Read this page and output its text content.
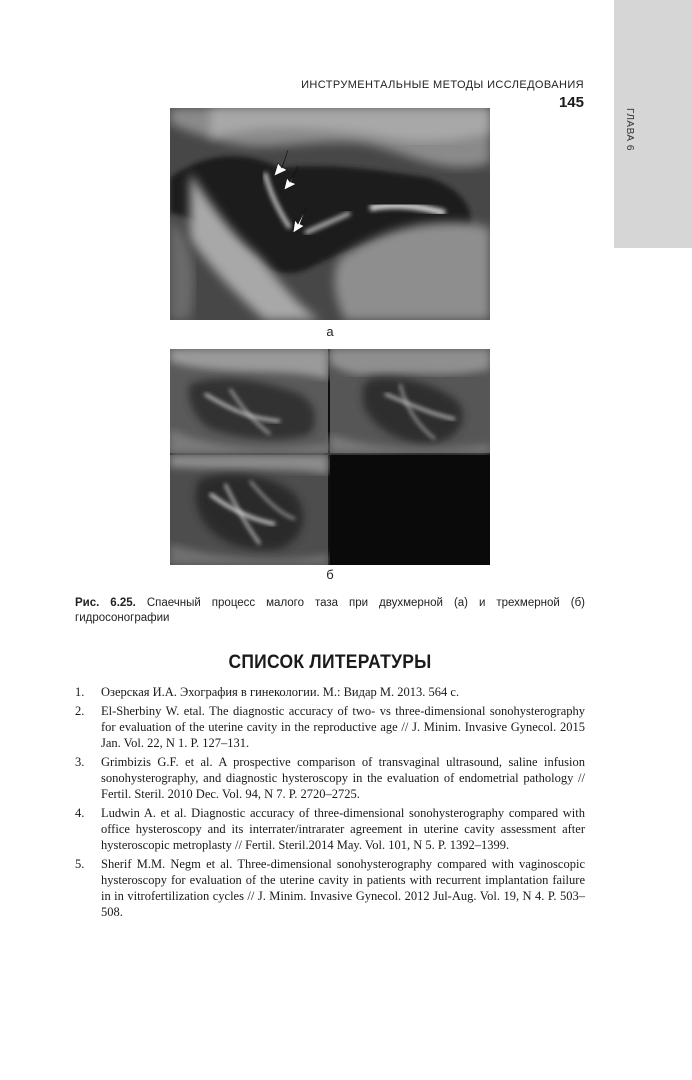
ГЛАВА 6
ИНСТРУМЕНТАЛЬНЫЕ МЕТОДЫ ИССЛЕДОВАНИЯ 145
а
б
Рис. 6.25. Спаечный процесс малого таза при двухмерной (а) и трехмерной (б) гидросонографии
СПИСОК ЛИТЕРАТУРЫ
1. Озерская И.А. Эхография в гинекологии. М.: Видар М. 2013. 564 с.
2. El-Sherbiny W. etal. The diagnostic accuracy of two- vs three-dimensional sonohysterography for evaluation of the uterine cavity in the reproductive age // J. Minim. Invasive Gynecol. 2015 Jan. Vol. 22, N 1. P. 127–131.
3. Grimbizis G.F. et al. A prospective comparison of transvaginal ultrasound, saline infusion sonohysterography, and diagnostic hysteroscopy in the evaluation of endometrial pathology // Fertil. Steril. 2010 Dec. Vol. 94, N 7. P. 2720–2725.
4. Ludwin A. et al. Diagnostic accuracy of three-dimensional sonohysterography compared with office hysteroscopy and its interrater/intrarater agreement in uterine cavity assessment after hysteroscopic metroplasty // Fertil. Steril.2014 May. Vol. 101, N 5. P. 1392–1399.
5. Sherif M.M. Negm et al. Three-dimensional sonohysterography compared with vaginoscopic hysteroscopy for evaluation of the uterine cavity in patients with recurrent implantation failure in in vitrofertilization cycles // J. Minim. Invasive Gynecol. 2012 Jul-Aug. Vol. 19, N 4. P. 503–508.
